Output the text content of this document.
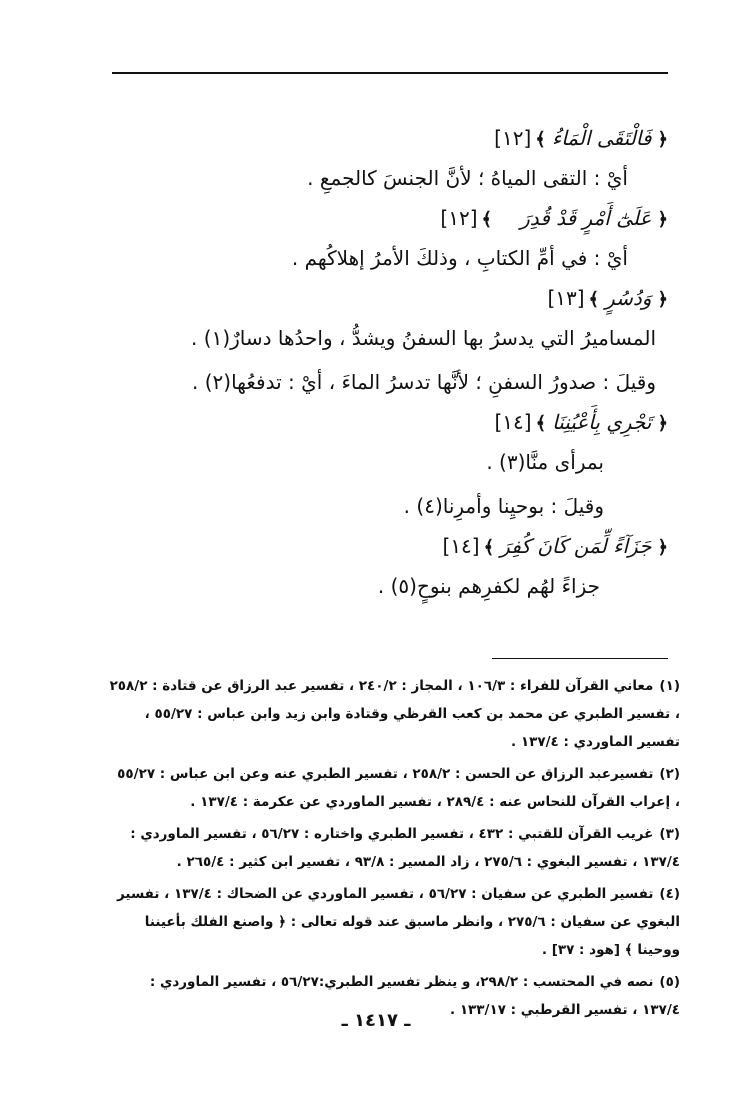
﴿فَالْتَقَى الْمَاءُ﴾[١٢]
أيْ : التقى المياهُ ؛ لأنَّ الجنسَ كالجمعِ .
﴿عَلَىٰٓ أَمْرٍ قَدْ قُدِرَ﴾[١٢]
أيْ : في أمِّ الكتابِ ، وذلكَ الأمرُ إهلاكُهم .
﴿وَدُسُرٍ﴾[١٣]
المساميرُ التي يدسرُ بها السفنُ ويشدُّ ، واحدُها دسارٌ(١) .
وقيلَ : صدورُ السفنِ ؛ لأنَّها تدسرُ الماءَ ، أيْ : تدفعُها(٢) .
﴿تَجْرِي بِأَعْيُنِنَا﴾[١٤]
بمرأى منَّا(٣) .
وقيلَ : بوحيِنا وأمرِنا(٤) .
﴿جَزَآءً لِّمَن كَانَ كُفِرَ﴾[١٤]
جزاءً لهُم لكفرِهم بنوحٍ(٥) .
(١)معاني القرآن للفراء : ١٠٦/٣ ، المجاز : ٢٤٠/٢ ، تفسير عبد الرزاق عن قتادة : ٢٥٨/٢ ، تفسير الطبري عن محمد بن كعب القرظي وقتادة وابن زيد وابن عباس : ٥٥/٢٧ ، تفسير الماوردي : ١٣٧/٤ .
(٢)تفسيرعبد الرزاق عن الحسن : ٢٥٨/٢ ، تفسير الطبري عنه وعن ابن عباس : ٥٥/٢٧ ، إعراب القرآن للنحاس عنه : ٢٨٩/٤ ، تفسير الماوردي عن عكرمة : ١٣٧/٤ .
(٣)غريب القرآن للقتبي : ٤٣٢ ، تفسير الطبري واختاره : ٥٦/٢٧ ، تفسير الماوردي : ١٣٧/٤ ، تفسير البغوي : ٢٧٥/٦ ، زاد المسير : ٩٣/٨ ، تفسير ابن كثير : ٢٦٥/٤ .
(٤)تفسير الطبري عن سفيان : ٥٦/٢٧ ، تفسير الماوردي عن الضحاك : ١٣٧/٤ ، تفسير البغوي عن سفيان : ٢٧٥/٦ ، وانظر ماسبق عند قوله تعالى : ﴿ واصنع الفلك بأعيننا ووحينا ﴾ [هود : ٣٧] .
(٥)نصه في المحتسب : ٢٩٨/٢، و ينظر تفسير الطبري:٥٦/٢٧ ، تفسير الماوردي : ١٣٧/٤ ، تفسير القرطبي : ١٣٣/١٧ .
ـ ١٤١٧ ـ
